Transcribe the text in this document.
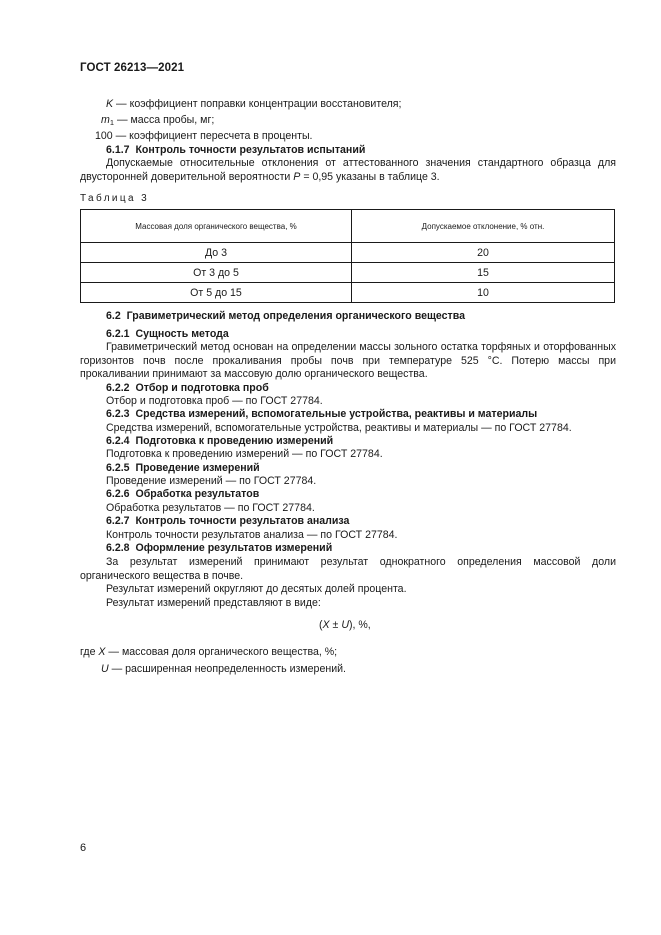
ГОСТ 26213—2021
K — коэффициент поправки концентрации восстановителя;
$m_1$ — масса пробы, мг;
100 — коэффициент пересчета в проценты.
6.1.7 Контроль точности результатов испытаний
Допускаемые относительные отклонения от аттестованного значения стандартного образца для двусторонней доверительной вероятности P = 0,95 указаны в таблице 3.
Таблица 3
Массовая доля органического вещества, %	Допускаемое отклонение, % отн.
До 3	20
От 3 до 5	15
От 5 до 15	10
6.2 Гравиметрический метод определения органического вещества
6.2.1 Сущность метода
Гравиметрический метод основан на определении массы зольного остатка торфяных и оторфованных горизонтов почв после прокаливания пробы почв при температуре 525 °С. Потерю массы при прокаливании принимают за массовую долю органического вещества.
6.2.2 Отбор и подготовка проб
Отбор и подготовка проб — по ГОСТ 27784.
6.2.3 Средства измерений, вспомогательные устройства, реактивы и материалы
Средства измерений, вспомогательные устройства, реактивы и материалы — по ГОСТ 27784.
6.2.4 Подготовка к проведению измерений
Подготовка к проведению измерений — по ГОСТ 27784.
6.2.5 Проведение измерений
Проведение измерений — по ГОСТ 27784.
6.2.6 Обработка результатов
Обработка результатов — по ГОСТ 27784.
6.2.7 Контроль точности результатов анализа
Контроль точности результатов анализа — по ГОСТ 27784.
6.2.8 Оформление результатов измерений
За результат измерений принимают результат однократного определения массовой доли органического вещества в почве.
Результат измерений округляют до десятых долей процента.
Результат измерений представляют в виде:
(X ± U), %,
где X — массовая доля органического вещества, %;
U — расширенная неопределенность измерений.
6
